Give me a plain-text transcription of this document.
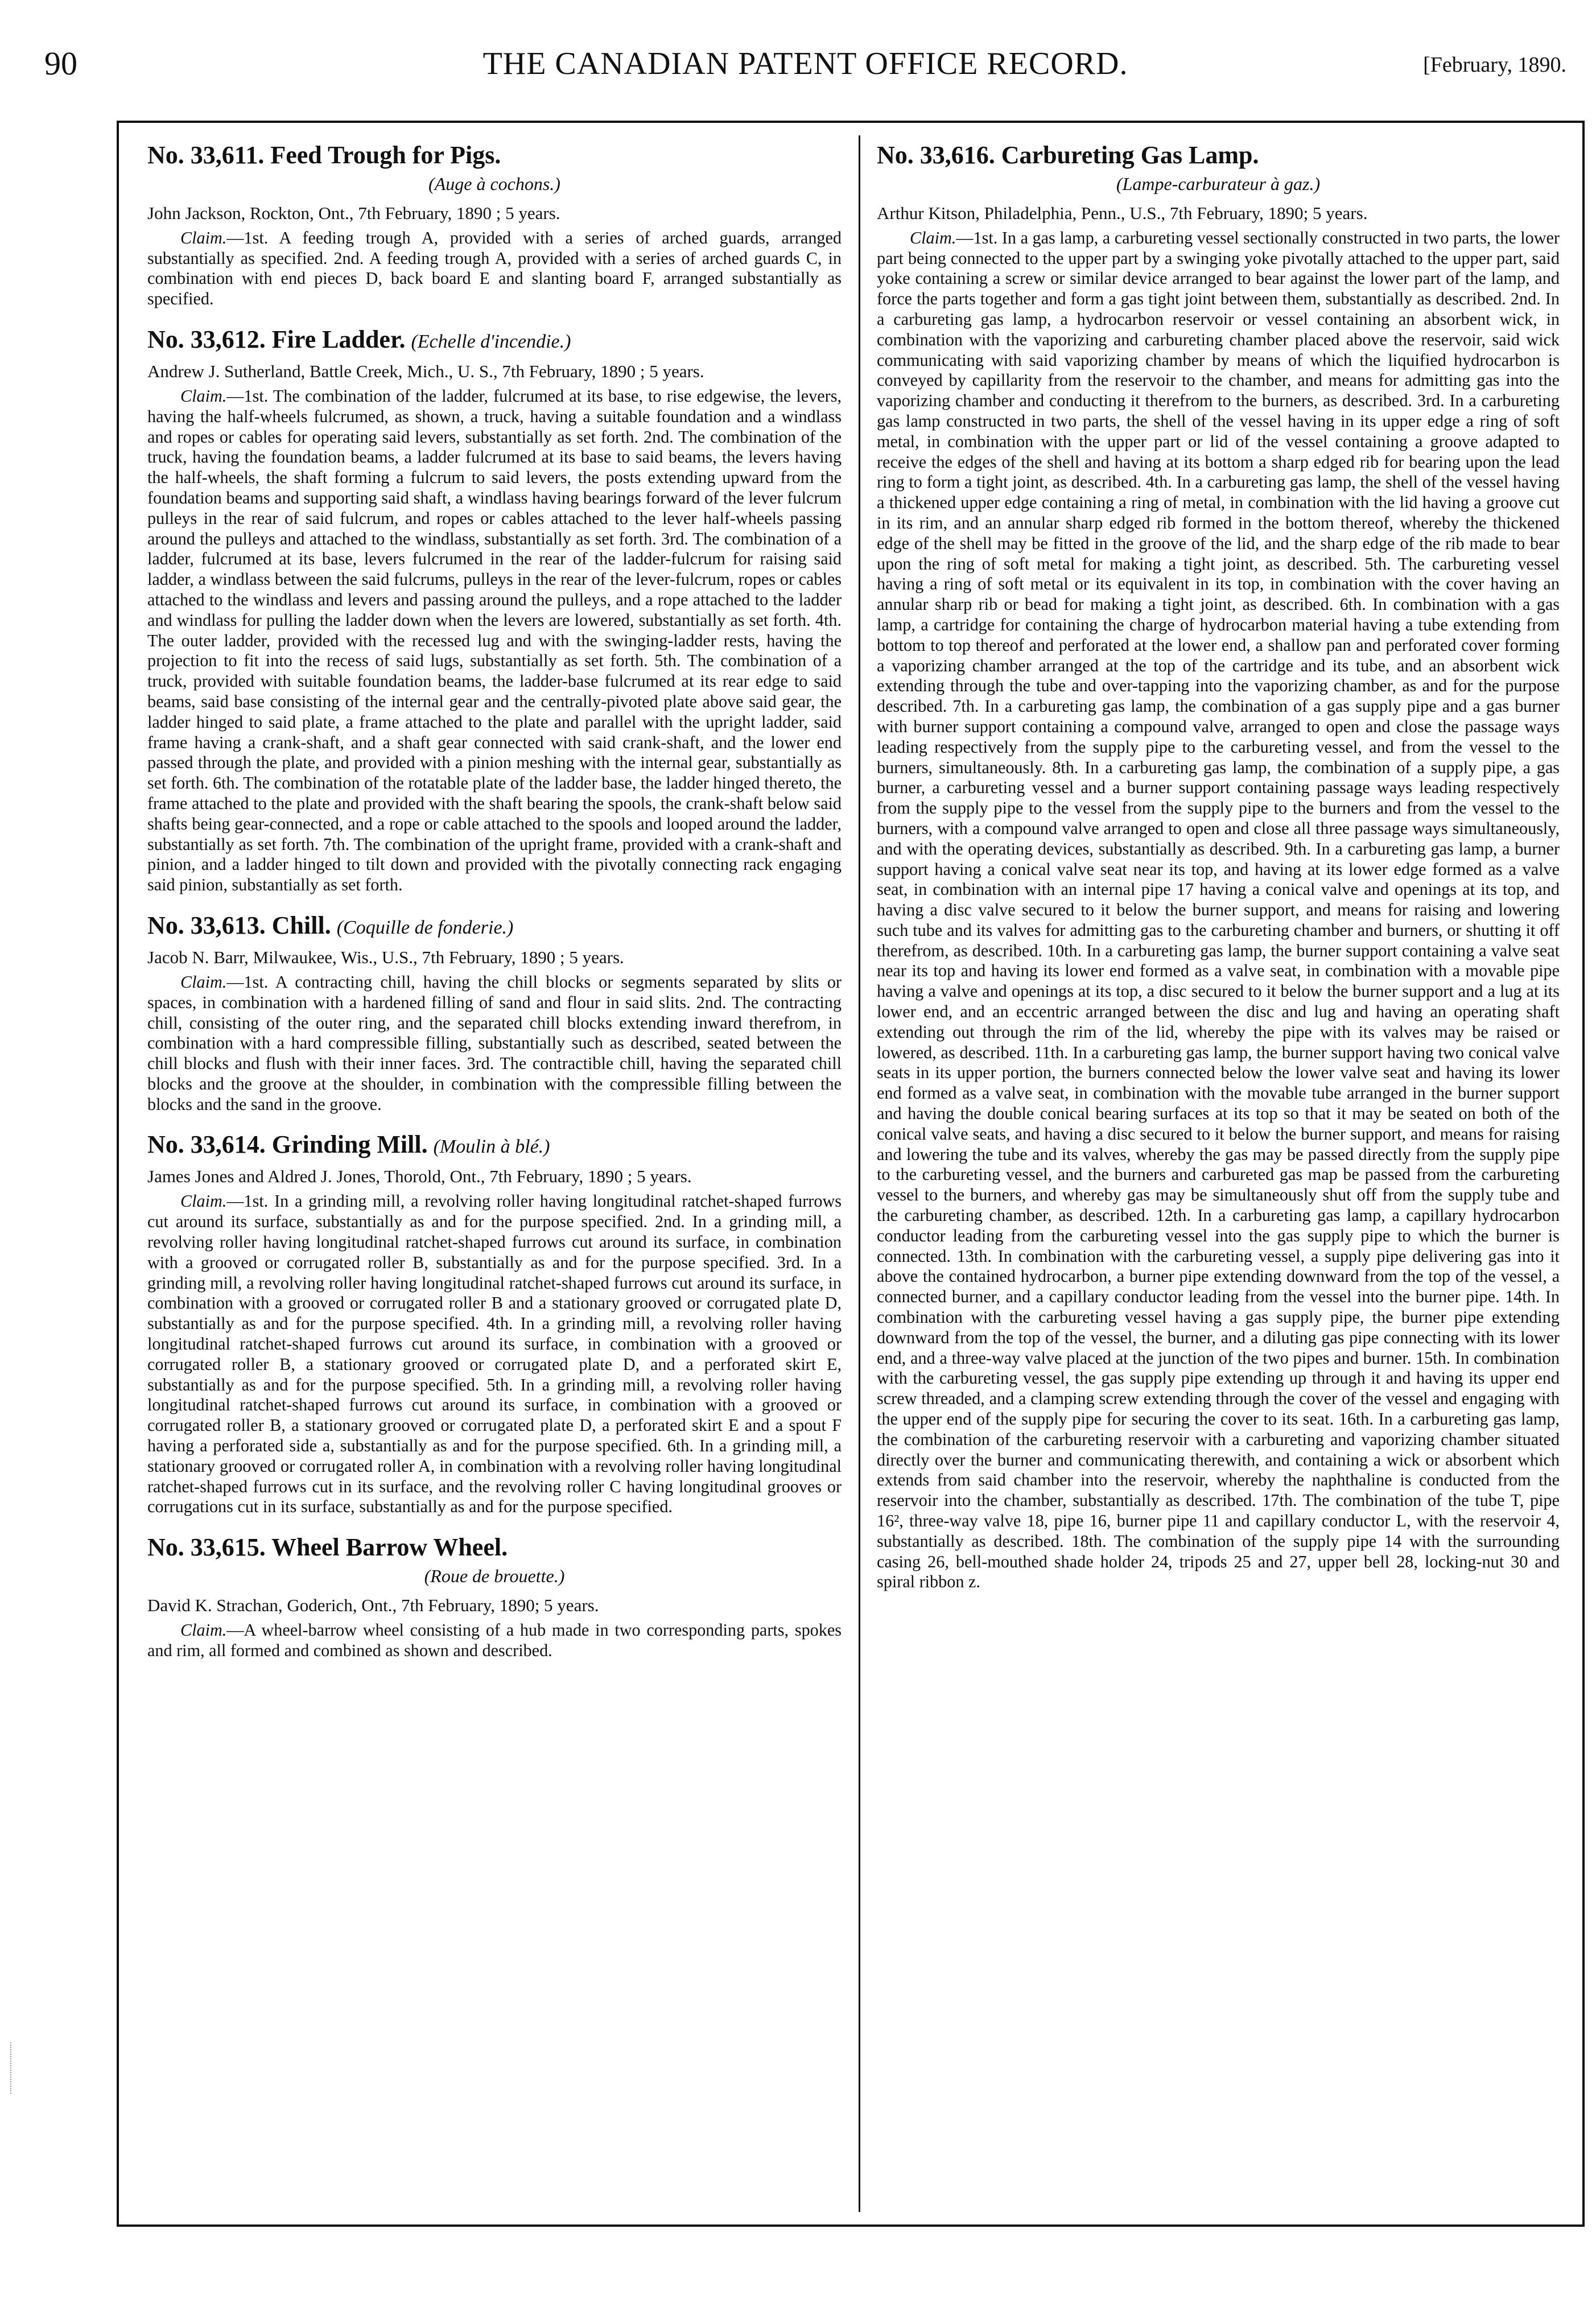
90	THE CANADIAN PATENT OFFICE RECORD.	[February, 1890.
No. 33,611. Feed Trough for Pigs.
(Auge à cochons.)

John Jackson, Rockton, Ont., 7th February, 1890 ; 5 years.

Claim.—1st. A feeding trough A, provided with a series of arched guards, arranged substantially as specified. 2nd. A feeding trough A, provided with a series of arched guards C, in combination with end pieces D, back board E and slanting board F, arranged substantially as specified.

No. 33,612. Fire Ladder. (Echelle d'incendie.)

Andrew J. Sutherland, Battle Creek, Mich., U. S., 7th February, 1890 ; 5 years.

Claim.—1st. The combination of the ladder, fulcrumed at its base, to rise edgewise, the levers, having the half-wheels fulcrumed, as shown, a truck, having a suitable foundation and a windlass and ropes or cables for operating said levers, substantially as set forth. 2nd. The combination of the truck, having the foundation beams, a ladder fulcrumed at its base to said beams, the levers having the half-wheels, the shaft forming a fulcrum to said levers, the posts extending upward from the foundation beams and supporting said shaft, a windlass having bearings forward of the lever fulcrum pulleys in the rear of said fulcrum, and ropes or cables attached to the lever half-wheels passing around the pulleys and attached to the windlass, substantially as set forth. 3rd. The combination of a ladder, fulcrumed at its base, levers fulcrumed in the rear of the ladder-fulcrum for raising said ladder, a windlass between the said fulcrums, pulleys in the rear of the lever-fulcrum, ropes or cables attached to the windlass and levers and passing around the pulleys, and a rope attached to the ladder and windlass for pulling the ladder down when the levers are lowered, substantially as set forth. 4th. The outer ladder, provided with the recessed lug and with the swinging-ladder rests, having the projection to fit into the recess of said lugs, substantially as set forth. 5th. The combination of a truck, provided with suitable foundation beams, the ladder-base fulcrumed at its rear edge to said beams, said base consisting of the internal gear and the centrally-pivoted plate above said gear, the ladder hinged to said plate, a frame attached to the plate and parallel with the upright ladder, said frame having a crank-shaft, and a shaft gear connected with said crank-shaft, and the lower end passed through the plate, and provided with a pinion meshing with the internal gear, substantially as set forth. 6th. The combination of the rotatable plate of the ladder base, the ladder hinged thereto, the frame attached to the plate and provided with the shaft bearing the spools, the crank-shaft below said shafts being gear-connected, and a rope or cable attached to the spools and looped around the ladder, substantially as set forth. 7th. The combination of the upright frame, provided with a crank-shaft and pinion, and a ladder hinged to tilt down and provided with the pivotally connecting rack engaging said pinion, substantially as set forth.

No. 33,613. Chill. (Coquille de fonderie.)

Jacob N. Barr, Milwaukee, Wis., U.S., 7th February, 1890 ; 5 years.

Claim.—1st. A contracting chill, having the chill blocks or segments separated by slits or spaces, in combination with a hardened filling of sand and flour in said slits. 2nd. The contracting chill, consisting of the outer ring, and the separated chill blocks extending inward therefrom, in combination with a hard compressible filling, substantially such as described, seated between the chill blocks and flush with their inner faces. 3rd. The contractible chill, having the separated chill blocks and the groove at the shoulder, in combination with the compressible filling between the blocks and the sand in the groove.

No. 33,614. Grinding Mill. (Moulin à blé.)

James Jones and Aldred J. Jones, Thorold, Ont., 7th February, 1890 ; 5 years.

Claim.—1st. In a grinding mill, a revolving roller having longitudinal ratchet-shaped furrows cut around its surface, substantially as and for the purpose specified. 2nd. In a grinding mill, a revolving roller having longitudinal ratchet-shaped furrows cut around its surface, in combination with a grooved or corrugated roller B, substantially as and for the purpose specified. 3rd. In a grinding mill, a revolving roller having longitudinal ratchet-shaped furrows cut around its surface, in combination with a grooved or corrugated roller B and a stationary grooved or corrugated plate D, substantially as and for the purpose specified. 4th. In a grinding mill, a revolving roller having longitudinal ratchet-shaped furrows cut around its surface, in combination with a grooved or corrugated roller B, a stationary grooved or corrugated plate D, and a perforated skirt E, substantially as and for the purpose specified. 5th. In a grinding mill, a revolving roller having longitudinal ratchet-shaped furrows cut around its surface, in combination with a grooved or corrugated roller B, a stationary grooved or corrugated plate D, a perforated skirt E and a spout F having a perforated side a, substantially as and for the purpose specified. 6th. In a grinding mill, a stationary grooved or corrugated roller A, in combination with a revolving roller having longitudinal ratchet-shaped furrows cut in its surface, and the revolving roller C having longitudinal grooves or corrugations cut in its surface, substantially as and for the purpose specified.

No. 33,615. Wheel Barrow Wheel.
(Roue de brouette.)

David K. Strachan, Goderich, Ont., 7th February, 1890; 5 years.

Claim.—A wheel-barrow wheel consisting of a hub made in two corresponding parts, spokes and rim, all formed and combined as shown and described.

No. 33,616. Carbureting Gas Lamp.
(Lampe-carburateur à gaz.)

Arthur Kitson, Philadelphia, Penn., U.S., 7th February, 1890; 5 years.

Claim.—1st. In a gas lamp, a carbureting vessel sectionally constructed in two parts, the lower part being connected to the upper part by a swinging yoke pivotally attached to the upper part, said yoke containing a screw or similar device arranged to bear against the lower part of the lamp, and force the parts together and form a gas tight joint between them, substantially as described. 2nd. In a carbureting gas lamp, a hydrocarbon reservoir or vessel containing an absorbent wick, in combination with the vaporizing and carbureting chamber placed above the reservoir, said wick communicating with said vaporizing chamber by means of which the liquified hydrocarbon is conveyed by capillarity from the reservoir to the chamber, and means for admitting gas into the vaporizing chamber and conducting it therefrom to the burners, as described. 3rd. In a carbureting gas lamp constructed in two parts, the shell of the vessel having in its upper edge a ring of soft metal, in combination with the upper part or lid of the vessel containing a groove adapted to receive the edges of the shell and having at its bottom a sharp edged rib for bearing upon the lead ring to form a tight joint, as described. 4th. In a carbureting gas lamp, the shell of the vessel having a thickened upper edge containing a ring of metal, in combination with the lid having a groove cut in its rim, and an annular sharp edged rib formed in the bottom thereof, whereby the thickened edge of the shell may be fitted in the groove of the lid, and the sharp edge of the rib made to bear upon the ring of soft metal for making a tight joint, as described. 5th. The carbureting vessel having a ring of soft metal or its equivalent in its top, in combination with the cover having an annular sharp rib or bead for making a tight joint, as described. 6th. In combination with a gas lamp, a cartridge for containing the charge of hydrocarbon material having a tube extending from bottom to top thereof and perforated at the lower end, a shallow pan and perforated cover forming a vaporizing chamber arranged at the top of the cartridge and its tube, and an absorbent wick extending through the tube and over-tapping into the vaporizing chamber, as and for the purpose described. 7th. In a carbureting gas lamp, the combination of a gas supply pipe and a gas burner with burner support containing a compound valve, arranged to open and close the passage ways leading respectively from the supply pipe to the carbureting vessel, and from the vessel to the burners, simultaneously. 8th. In a carbureting gas lamp, the combination of a supply pipe, a gas burner, a carbureting vessel and a burner support containing passage ways leading respectively from the supply pipe to the vessel from the supply pipe to the burners and from the vessel to the burners, with a compound valve arranged to open and close all three passage ways simultaneously, and with the operating devices, substantially as described. 9th. In a carbureting gas lamp, a burner support having a conical valve seat near its top, and having at its lower edge formed as a valve seat, in combination with an internal pipe 17 having a conical valve and openings at its top, and having a disc valve secured to it below the burner support, and means for raising and lowering such tube and its valves for admitting gas to the carbureting chamber and burners, or shutting it off therefrom, as described. 10th. In a carbureting gas lamp, the burner support containing a valve seat near its top and having its lower end formed as a valve seat, in combination with a movable pipe having a valve and openings at its top, a disc secured to it below the burner support and a lug at its lower end, and an eccentric arranged between the disc and lug and having an operating shaft extending out through the rim of the lid, whereby the pipe with its valves may be raised or lowered, as described. 11th. In a carbureting gas lamp, the burner support having two conical valve seats in its upper portion, the burners connected below the lower valve seat and having its lower end formed as a valve seat, in combination with the movable tube arranged in the burner support and having the double conical bearing surfaces at its top so that it may be seated on both of the conical valve seats, and having a disc secured to it below the burner support, and means for raising and lowering the tube and its valves, whereby the gas may be passed directly from the supply pipe to the carbureting vessel, and the burners and carbureted gas map be passed from the carbureting vessel to the burners, and whereby gas may be simultaneously shut off from the supply tube and the carbureting chamber, as described. 12th. In a carbureting gas lamp, a capillary hydrocarbon conductor leading from the carbureting vessel into the gas supply pipe to which the burner is connected. 13th. In combination with the carbureting vessel, a supply pipe delivering gas into it above the contained hydrocarbon, a burner pipe extending downward from the top of the vessel, a connected burner, and a capillary conductor leading from the vessel into the burner pipe. 14th. In combination with the carbureting vessel having a gas supply pipe, the burner pipe extending downward from the top of the vessel, the burner, and a diluting gas pipe connecting with its lower end, and a three-way valve placed at the junction of the two pipes and burner. 15th. In combination with the carbureting vessel, the gas supply pipe extending up through it and having its upper end screw threaded, and a clamping screw extending through the cover of the vessel and engaging with the upper end of the supply pipe for securing the cover to its seat. 16th. In a carbureting gas lamp, the combination of the carbureting reservoir with a carbureting and vaporizing chamber situated directly over the burner and communicating therewith, and containing a wick or absorbent which extends from said chamber into the reservoir, whereby the naphthaline is conducted from the reservoir into the chamber, substantially as described. 17th. The combination of the tube T, pipe 16², three-way valve 18, pipe 16, burner pipe 11 and capillary conductor L, with the reservoir 4, substantially as described. 18th. The combination of the supply pipe 14 with the surrounding casing 26, bell-mouthed shade holder 24, tripods 25 and 27, upper bell 28, locking-nut 30 and spiral ribbon z.
